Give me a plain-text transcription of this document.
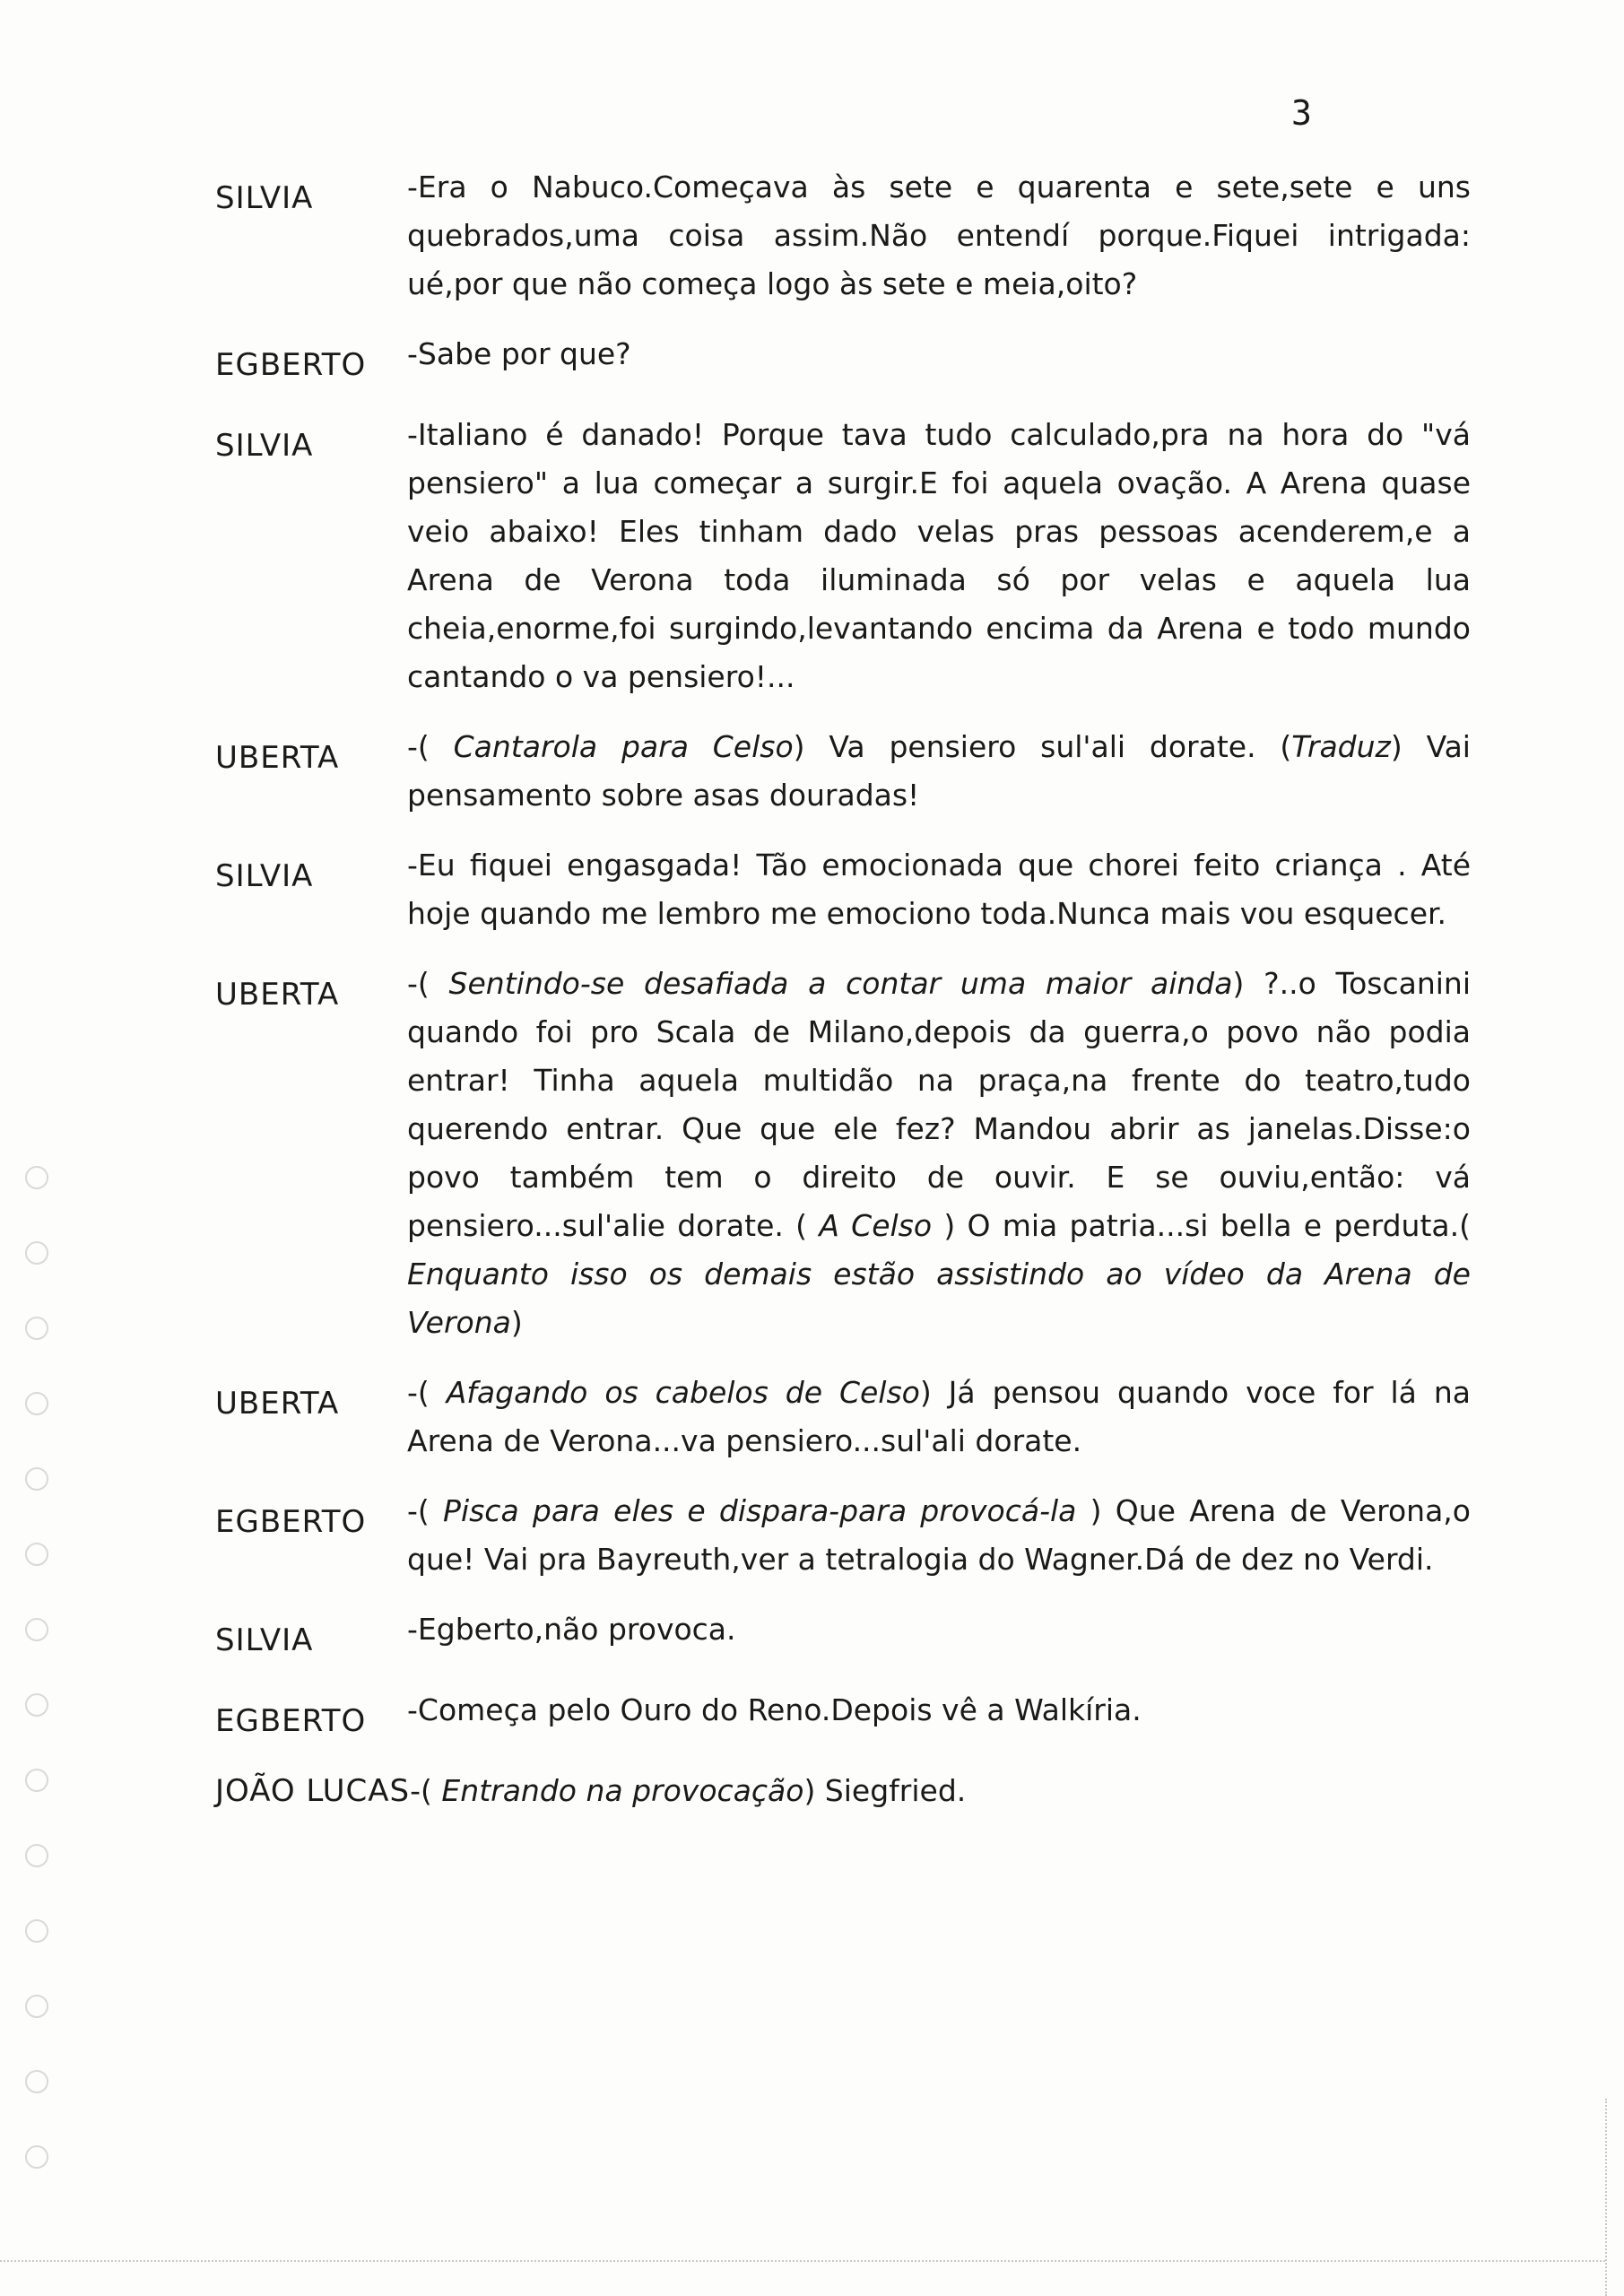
3
SILVIA	-Era o Nabuco.Começava às sete e quarenta e sete,sete e uns quebrados,uma coisa assim.Não entendí porque.Fiquei intrigada: ué,por que não começa logo às sete e meia,oito?
EGBERTO	-Sabe por que?
SILVIA	-Italiano é danado! Porque tava tudo calculado,pra na hora do "vá pensiero" a lua começar a surgir.E foi aquela ovação. A Arena quase veio abaixo! Eles tinham dado velas pras pessoas acenderem,e a Arena de Verona toda iluminada só por velas e aquela lua cheia,enorme,foi surgindo,levantando encima da Arena e todo mundo cantando o va pensiero!...
UBERTA	-( Cantarola para Celso) Va pensiero sul'ali dorate. (Traduz) Vai pensamento sobre asas douradas!
SILVIA	-Eu fiquei engasgada! Tão emocionada que chorei feito criança . Até hoje quando me lembro me emociono toda.Nunca mais vou esquecer.
UBERTA	-( Sentindo-se desafiada a contar uma maior ainda) ?..o Toscanini quando foi pro Scala de Milano,depois da guerra,o povo não podia entrar! Tinha aquela multidão na praça,na frente do teatro,tudo querendo entrar. Que que ele fez? Mandou abrir as janelas.Disse:o povo também tem o direito de ouvir. E se ouviu,então: vá pensiero...sul'alie dorate. ( A Celso ) O mia patria...si bella e perduta.( Enquanto isso os demais estão assistindo ao vídeo da Arena de Verona)
UBERTA	-( Afagando os cabelos de Celso) Já pensou quando voce for lá na Arena de Verona...va pensiero...sul'ali dorate.
EGBERTO	-( Pisca para eles e dispara-para provocá-la ) Que Arena de Verona,o que! Vai pra Bayreuth,ver a tetralogia do Wagner.Dá de dez no Verdi.
SILVIA	-Egberto,não provoca.
EGBERTO	-Começa pelo Ouro do Reno.Depois vê a Walkíria.
JOÃO LUCAS-( Entrando na provocação) Siegfried.
